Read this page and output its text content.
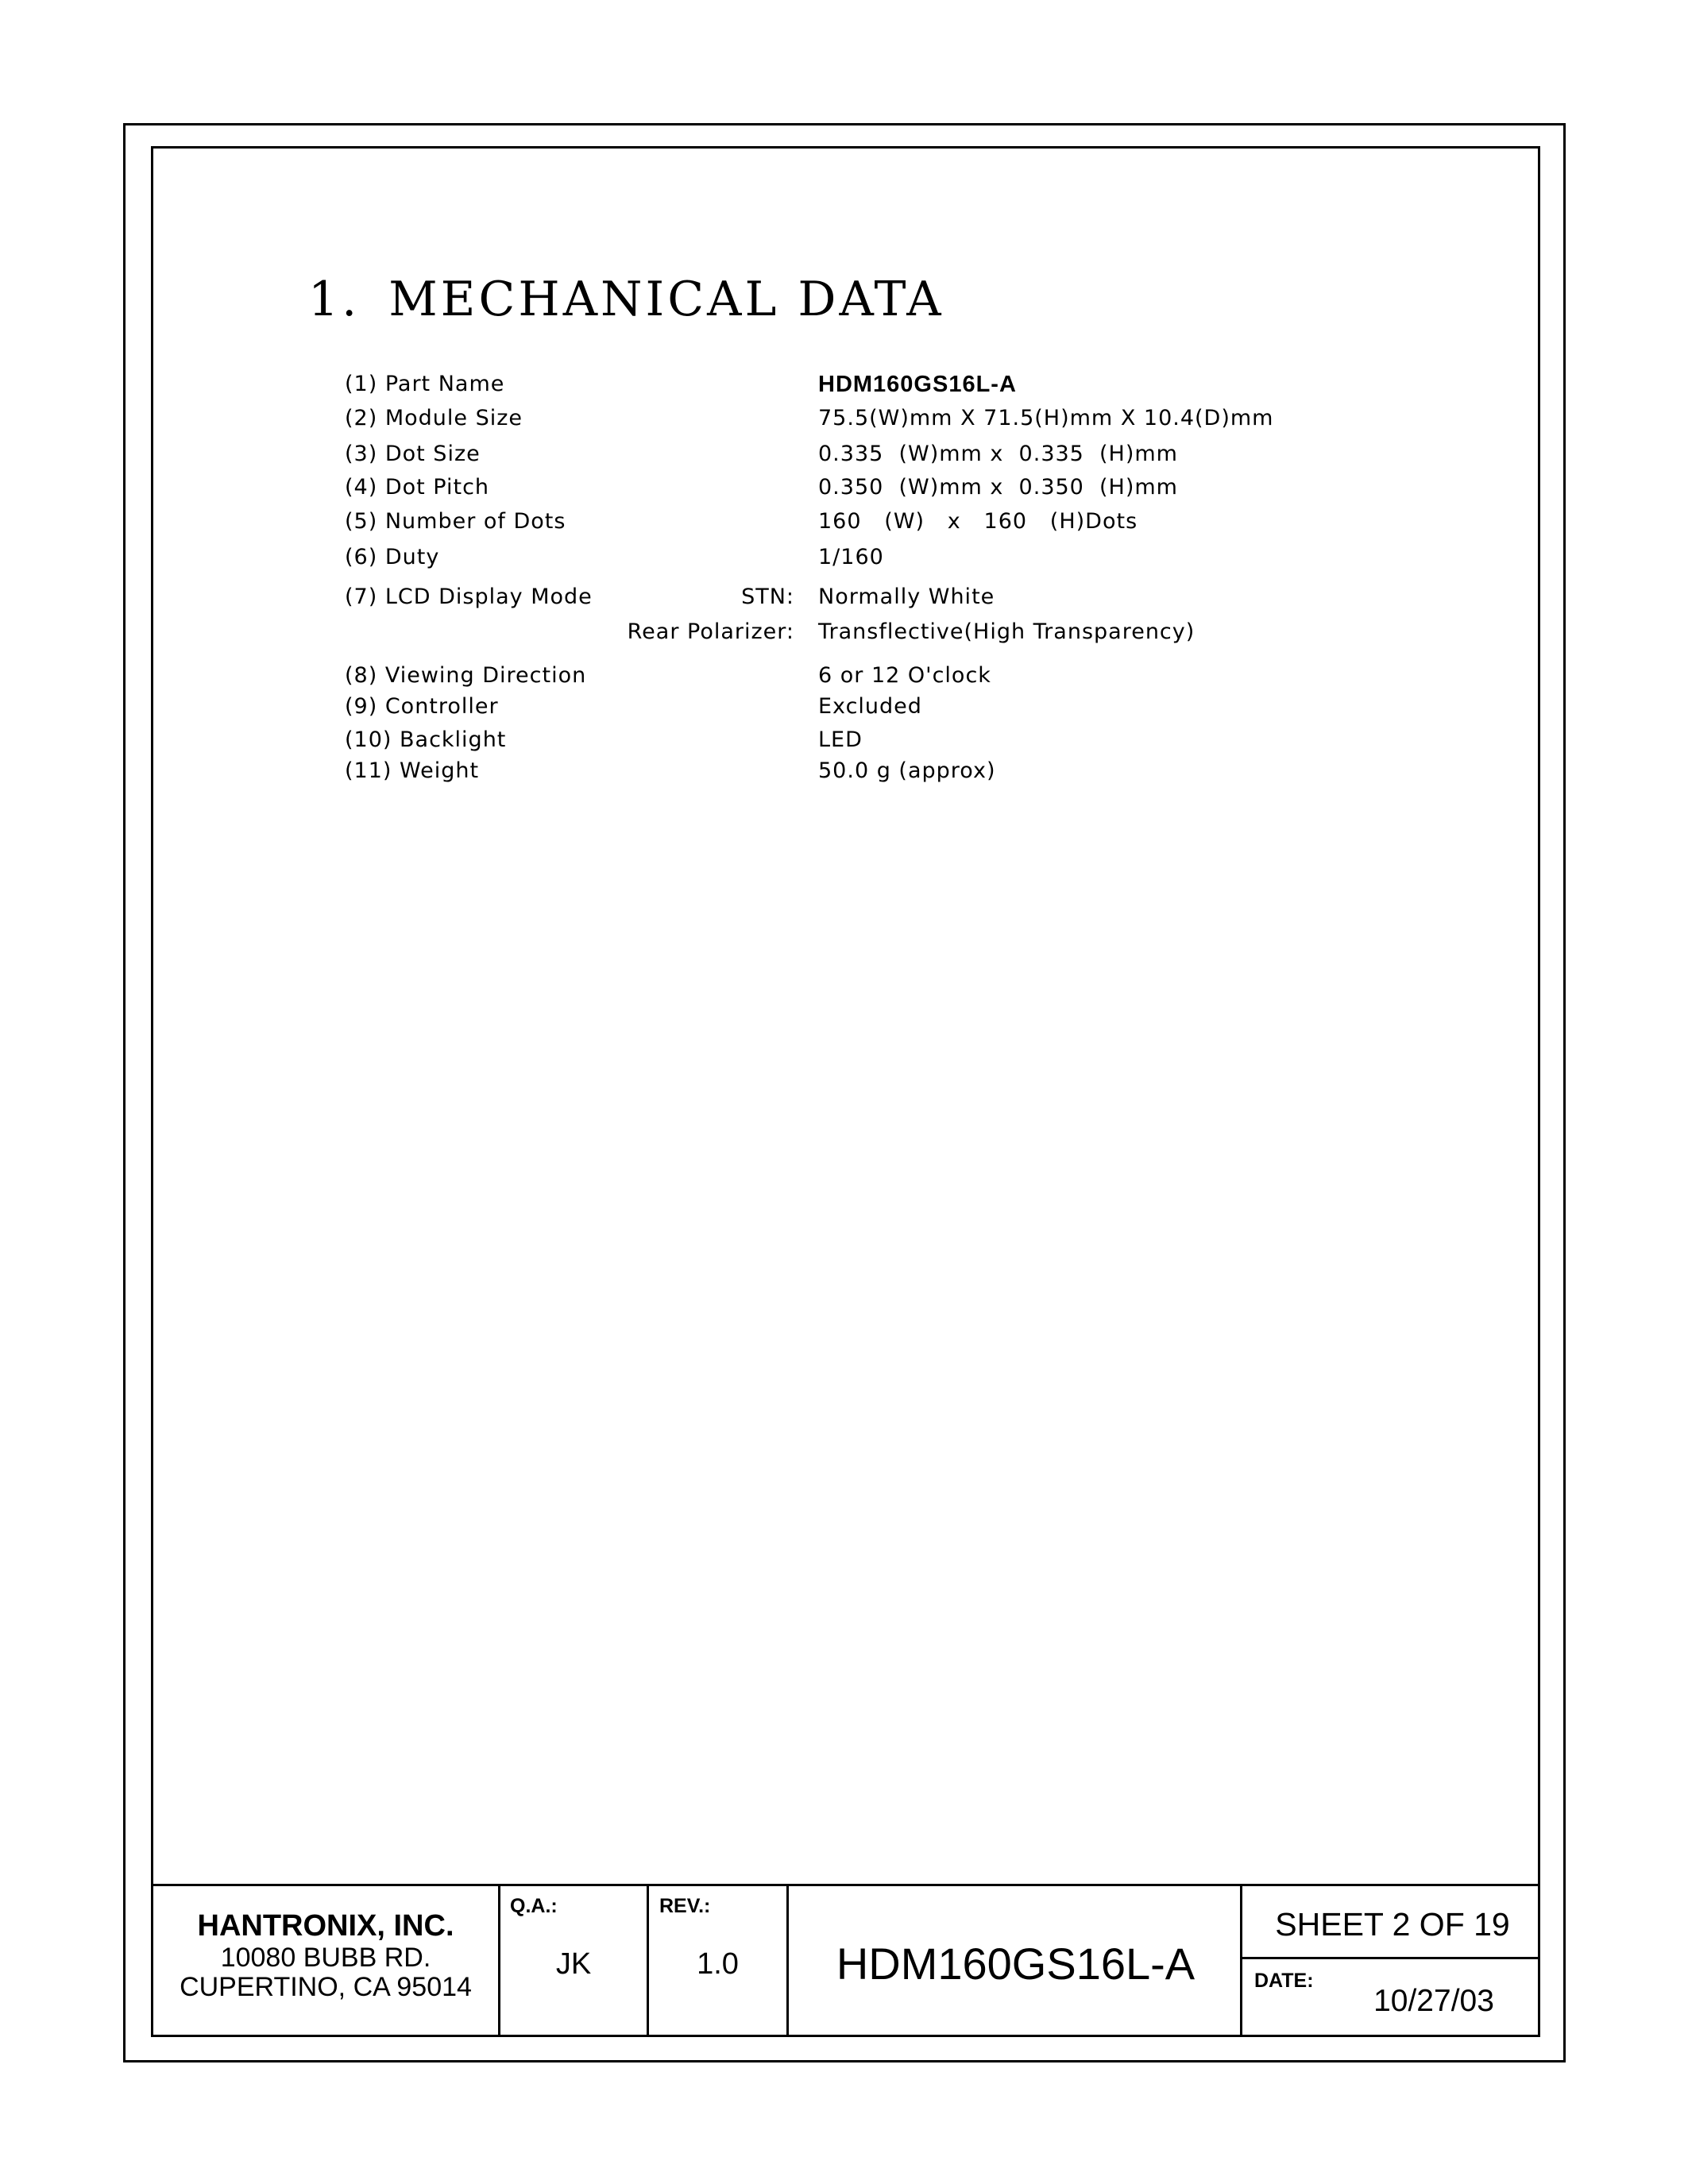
1. MECHANICAL DATA
(1) Part Name	HDM160GS16L-A
(2) Module Size	75.5(W)mm X 71.5(H)mm X 10.4(D)mm
(3) Dot Size	0.335  (W)mm x  0.335  (H)mm
(4) Dot Pitch	0.350  (W)mm x  0.350  (H)mm
(5) Number of Dots	160   (W)   x   160   (H)Dots
(6) Duty	1/160
(7) LCD Display Mode	STN: Normally White
Rear Polarizer: Transflective(High Transparency)
(8) Viewing Direction	6 or 12 O'clock
(9) Controller	Excluded
(10) Backlight	LED
(11) Weight	50.0 g (approx)
HANTRONIX, INC.
10080 BUBB RD.
CUPERTINO, CA 95014
Q.A.:
JK
REV.:
1.0	HDM160GS16L-A
SHEET 2 OF 19
DATE:
10/27/03
